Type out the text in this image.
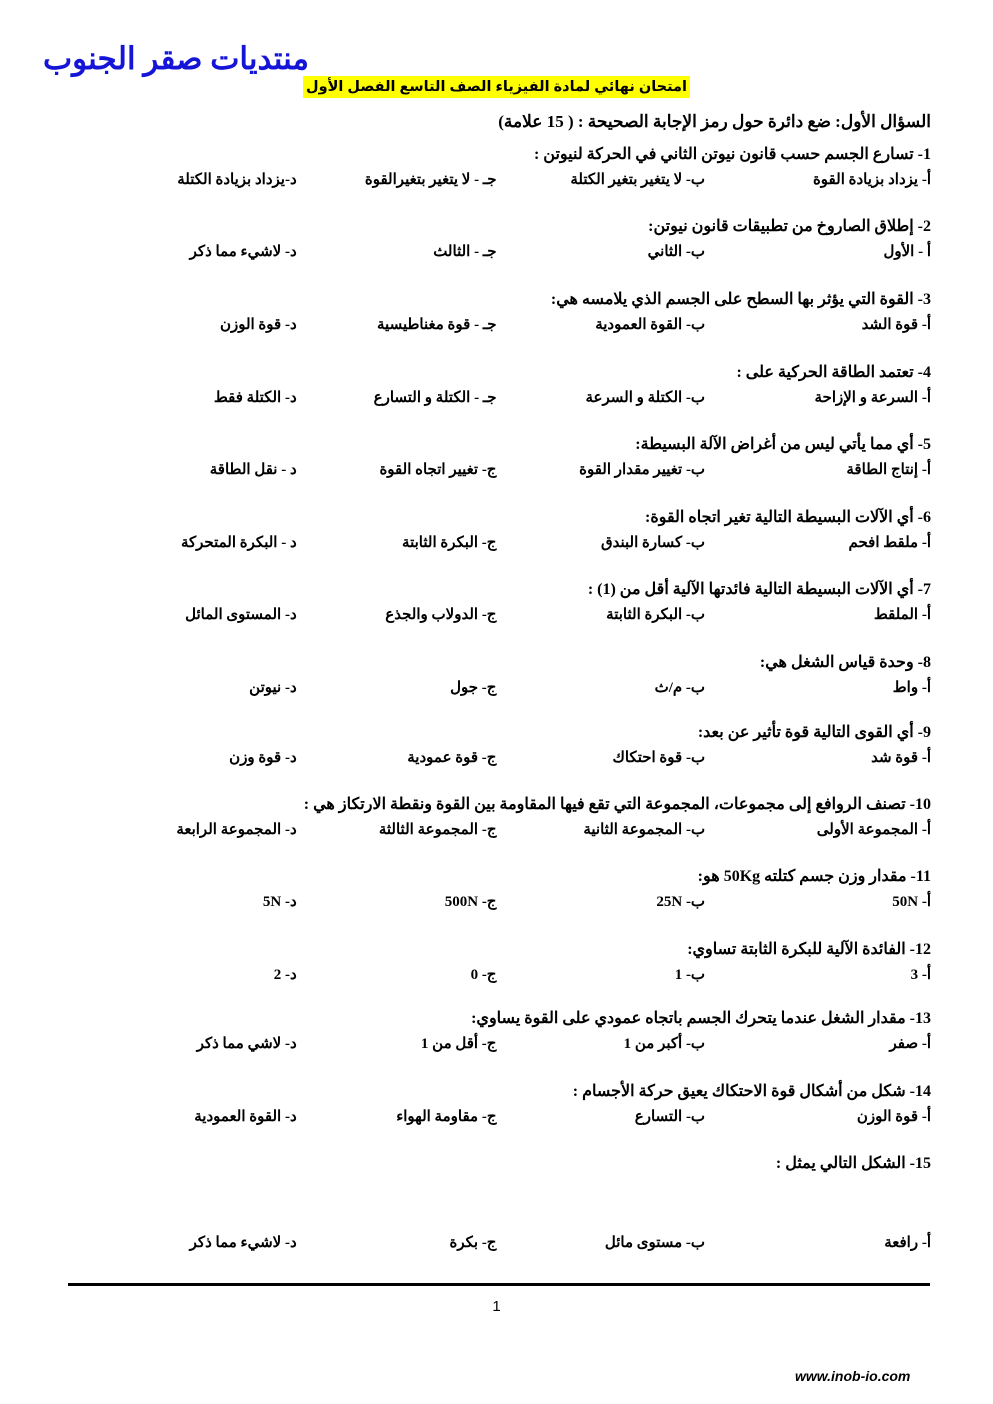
منتديات صقر الجنوب
امتحان نهائي لمادة الفيزياء الصف التاسع الفصل الأول
السؤال الأول: ضع دائرة حول رمز الإجابة الصحيحة : ( 15 علامة)
1- تسارع الجسم حسب قانون نيوتن الثاني في الحركة لنيوتن :
أ- يزداد بزيادة القوة
ب- لا يتغير بتغير الكتلة
جـ - لا يتغير بتغيرالقوة
د-يزداد بزيادة الكتلة
2- إطلاق الصاروخ من تطبيقات قانون نيوتن:
أ - الأول
ب- الثاني
جـ - الثالث
د- لاشيء مما ذكر
3- القوة التي يؤثر بها السطح على الجسم الذي يلامسه هي:
أ- قوة الشد
ب- القوة العمودية
جـ - قوة مغناطيسية
د- قوة الوزن
4- تعتمد الطاقة الحركية على :
أ- السرعة و الإزاحة
ب- الكتلة و السرعة
جـ - الكتلة و التسارع
د- الكتلة فقط
5- أي مما يأتي ليس من أغراض الآلة البسيطة:
أ- إنتاج الطاقة
ب- تغيير مقدار القوة
ج- تغيير اتجاه القوة
د - نقل الطاقة
6- أي الآلات البسيطة التالية تغير اتجاه القوة:
أ- ملقط افحم
ب- كسارة البندق
ج- البكرة الثابتة
د - البكرة المتحركة
7- أي الآلات البسيطة التالية فائدتها الآلية أقل من (1) :
أ- الملقط
ب- البكرة الثابتة
ج- الدولاب والجذع
د- المستوى المائل
8- وحدة قياس الشغل هي:
أ- واط
ب- م/ث
ج- جول
د- نيوتن
9- أي القوى التالية قوة تأثير عن بعد:
أ- قوة شد
ب- قوة احتكاك
ج- قوة عمودية
د- قوة وزن
10- تصنف الروافع إلى مجموعات، المجموعة التي تقع فيها المقاومة بين القوة ونقطة الارتكاز هي :
أ- المجموعة الأولى
ب- المجموعة الثانية
ج- المجموعة الثالثة
د- المجموعة الرابعة
11- مقدار وزن جسم كتلته 50Kg هو:
أ- 50N
ب- 25N
ج- 500N
د- 5N
12- الفائدة الآلية للبكرة الثابتة تساوي:
أ- 3
ب- 1
ج- 0
د- 2
13- مقدار الشغل عندما يتحرك الجسم باتجاه عمودي على القوة يساوي:
أ- صفر
ب- أكبر من 1
ج- أقل من 1
د- لاشي مما ذكر
14- شكل من أشكال قوة الاحتكاك يعيق حركة الأجسام :
أ- قوة الوزن
ب- التسارع
ج- مقاومة الهواء
د- القوة العمودية
15- الشكل التالي يمثل :
أ- رافعة
ب- مستوى مائل
ج- بكرة
د- لاشيء مما ذكر
1
www.inob-io.com
